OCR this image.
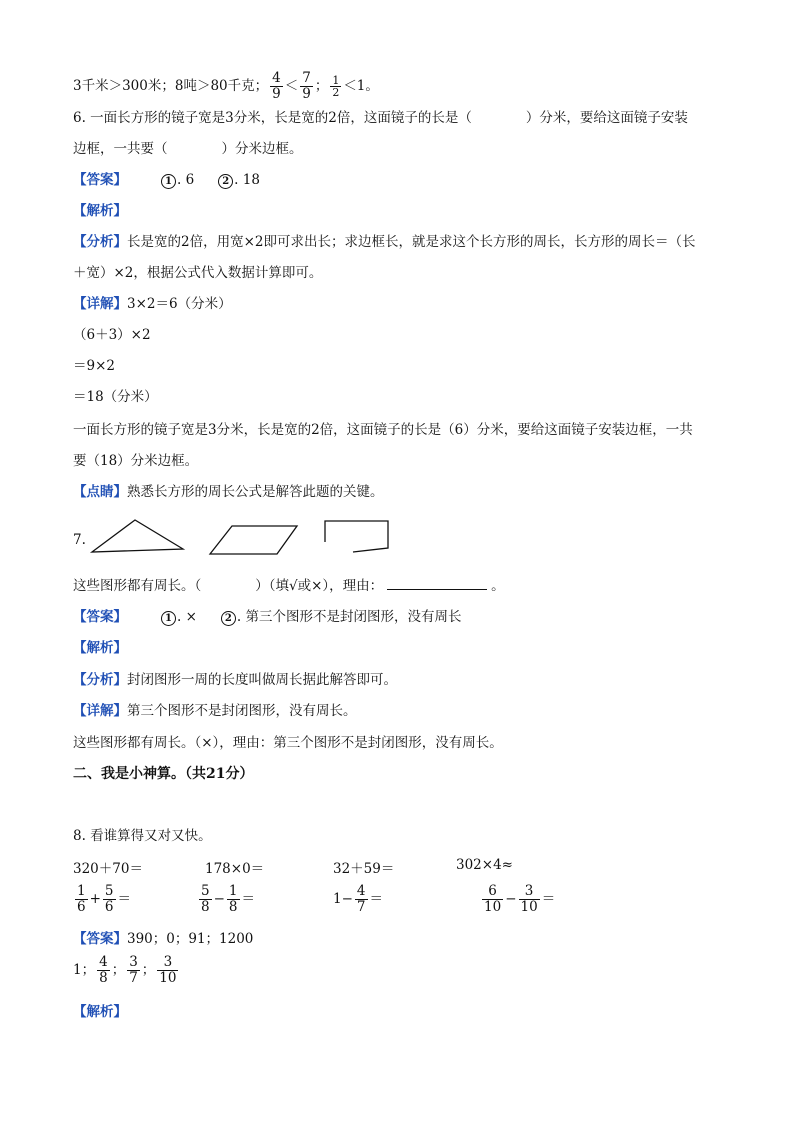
3千米＞300米；8吨＞80千克； $\frac{4}{9} < \frac{7}{9}$ ； $\frac{1}{2} <1$。
6. 一面长方形的镜子宽是3分米，长是宽的2倍，这面镜子的长是（　　　　）分米，要给这面镜子安装
边框，一共要（　　　　）分米边框。
【答案】	1 . 6	2 . 18
【解析】
【分析】长是宽的2倍，用宽×2即可求出长；求边框长，就是求这个长方形的周长，长方形的周长＝（长
＋宽）×2，根据公式代入数据计算即可。
【详解】3×2＝6（分米）
（6＋3）×2
＝9×2
＝18（分米）
一面长方形的镜子宽是3分米，长是宽的2倍，这面镜子的长是（6）分米，要给这面镜子安装边框，一共
要（18）分米边框。
【点睛】熟悉长方形的周长公式是解答此题的关键。
7.
这些图形都有周长。（　　　　）（填√或×），理由：	。
【答案】	1 . ×	2 . 第三个图形不是封闭图形，没有周长
【解析】
【分析】封闭图形一周的长度叫做周长据此解答即可。
【详解】第三个图形不是封闭图形，没有周长。
这些图形都有周长。（×），理由：第三个图形不是封闭图形，没有周长。
二、我是小神算。（共21分）
8. 看谁算得又对又快。
320＋70＝	178×0＝	32＋59＝	302×4≈
$\frac{1}{6} + \frac{5}{6}$ ＝	$\frac{5}{8} - \frac{1}{8}$ ＝	$1- \frac{4}{7}$ ＝	$\frac{6}{10} - \frac{3}{10}$ ＝
【答案】390；0；91；1200
1； $\frac{4}{8}$ ； $\frac{3}{7}$ ； $\frac{3}{10}$
【解析】
